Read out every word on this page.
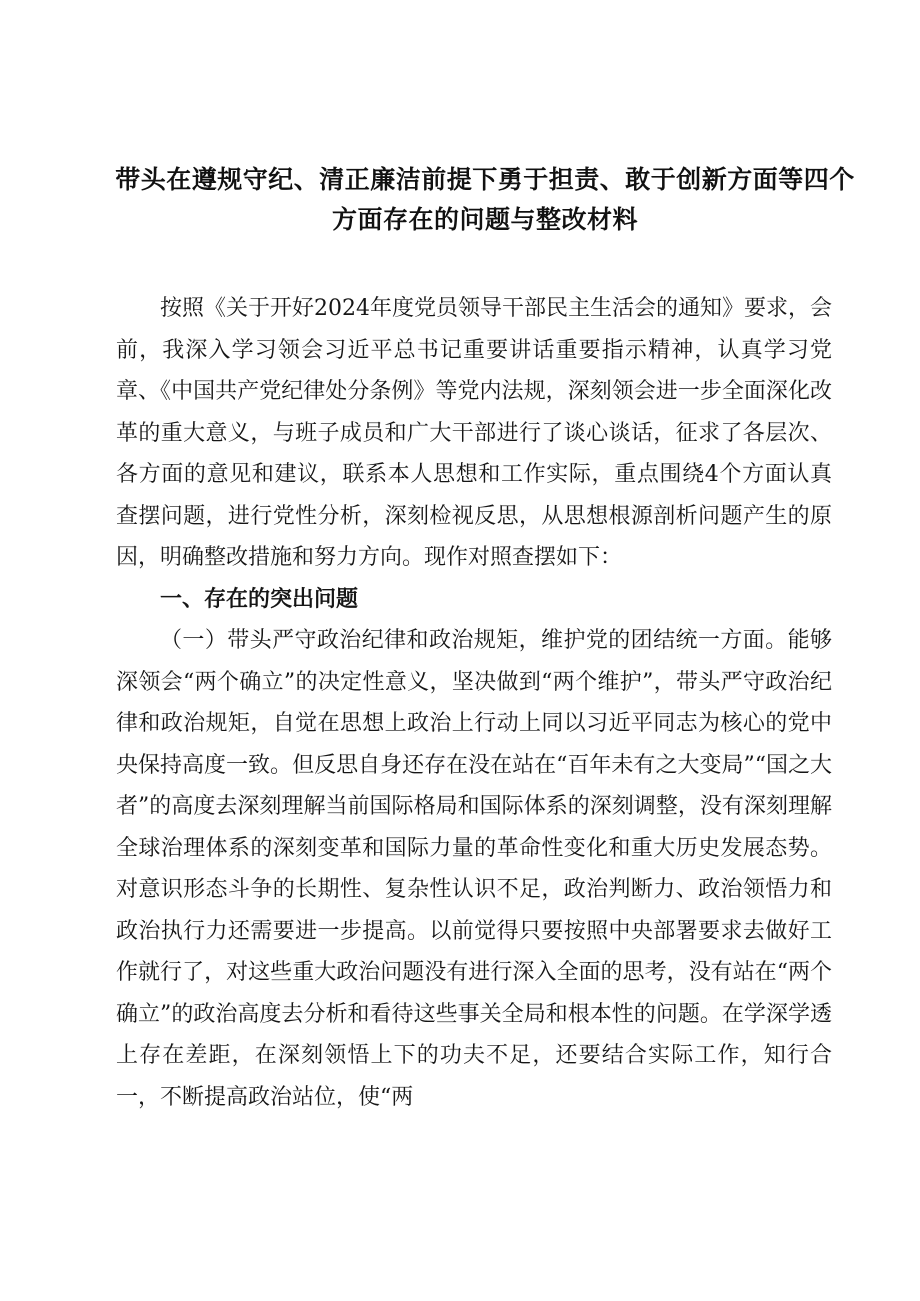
带头在遵规守纪、清正廉洁前提下勇于担责、敢于创新方面等四个方面存在的问题与整改材料

按照《关于开好2024年度党员领导干部民主生活会的通知》要求，会前，我深入学习领会习近平总书记重要讲话重要指示精神，认真学习党章、《中国共产党纪律处分条例》等党内法规，深刻领会进一步全面深化改革的重大意义，与班子成员和广大干部进行了谈心谈话，征求了各层次、各方面的意见和建议，联系本人思想和工作实际，重点围绕4个方面认真查摆问题，进行党性分析，深刻检视反思，从思想根源剖析问题产生的原因，明确整改措施和努力方向。现作对照查摆如下：

一、存在的突出问题

（一）带头严守政治纪律和政治规矩，维护党的团结统一方面。能够深领会“两个确立”的决定性意义，坚决做到“两个维护”，带头严守政治纪律和政治规矩，自觉在思想上政治上行动上同以习近平同志为核心的党中央保持高度一致。但反思自身还存在没在站在“百年未有之大变局”“国之大者”的高度去深刻理解当前国际格局和国际体系的深刻调整，没有深刻理解全球治理体系的深刻变革和国际力量的革命性变化和重大历史发展态势。对意识形态斗争的长期性、复杂性认识不足，政治判断力、政治领悟力和政治执行力还需要进一步提高。以前觉得只要按照中央部署要求去做好工作就行了，对这些重大政治问题没有进行深入全面的思考，没有站在“两个确立”的政治高度去分析和看待这些事关全局和根本性的问题。在学深学透上存在差距，在深刻领悟上下的功夫不足，还要结合实际工作，知行合一，不断提高政治站位，使“两
